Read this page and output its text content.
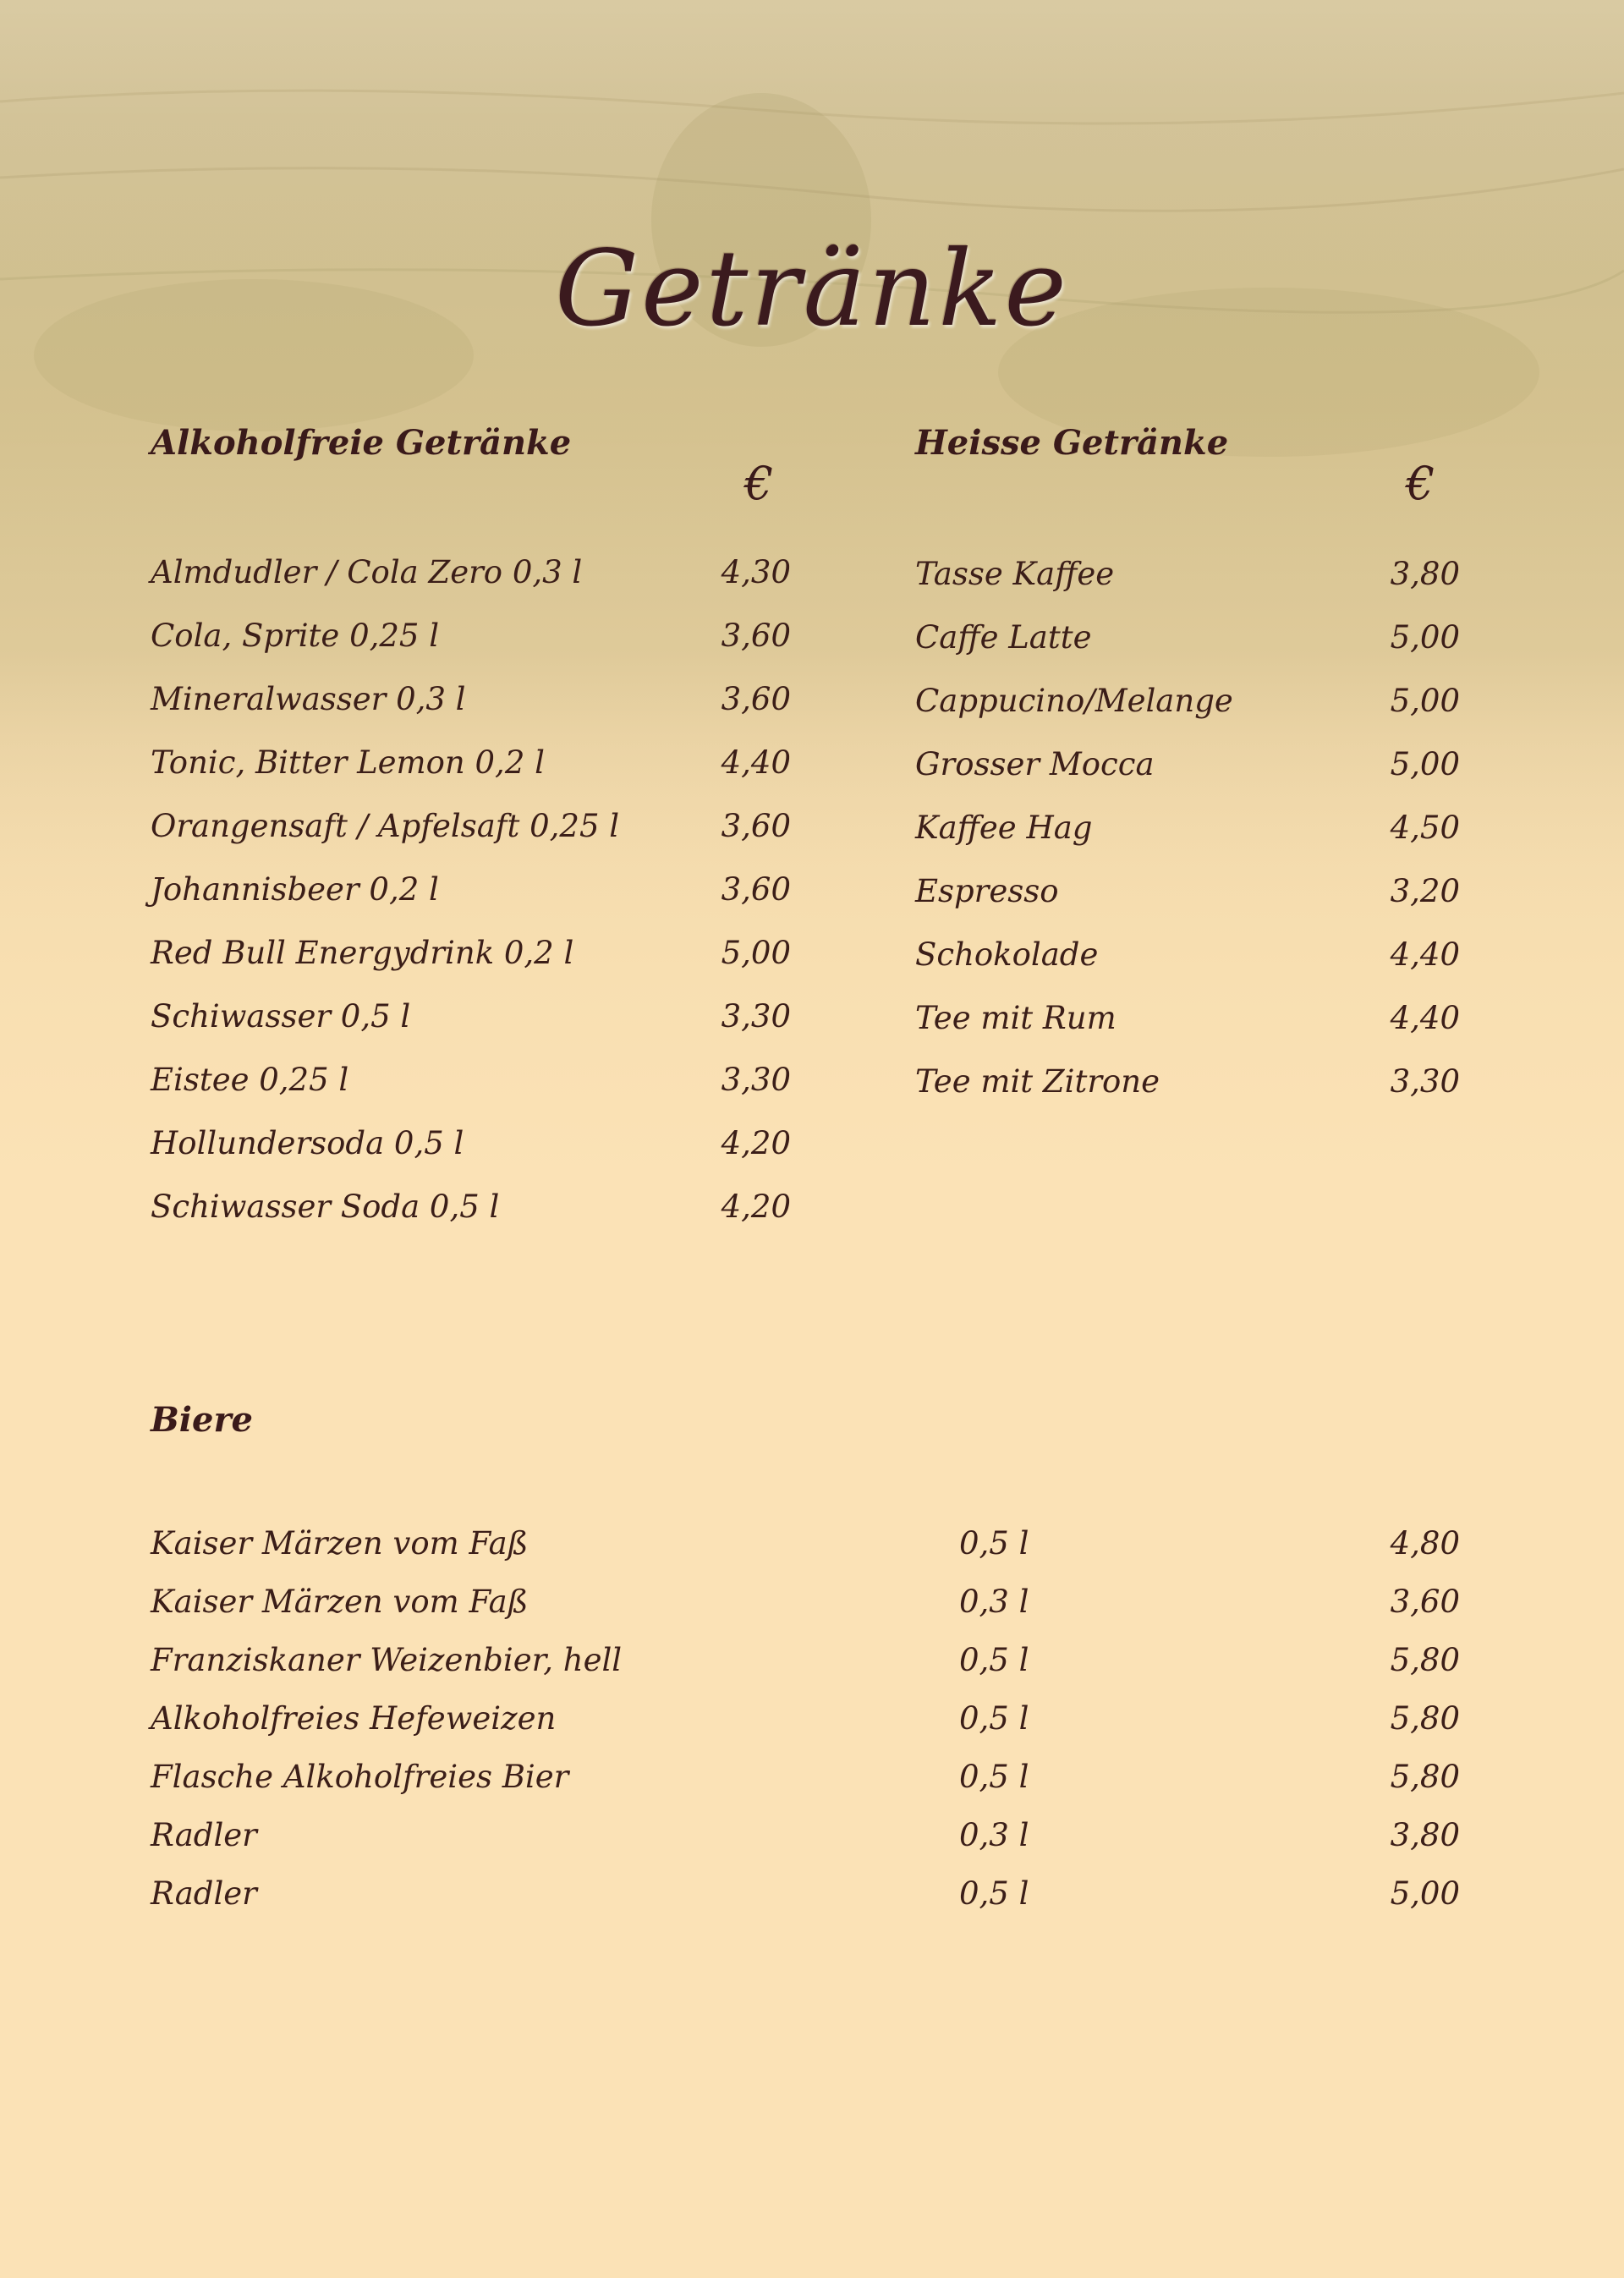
Getränke
Alkoholfreie Getränke
€
Almdudler / Cola Zero 0,3 l	4,30
Cola, Sprite 0,25 l	3,60
Mineralwasser 0,3 l	3,60
Tonic, Bitter Lemon 0,2 l	4,40
Orangensaft / Apfelsaft 0,25 l	3,60
Johannisbeer 0,2 l	3,60
Red Bull Energydrink 0,2 l	5,00
Schiwasser 0,5 l	3,30
Eistee 0,25 l	3,30
Hollundersoda 0,5 l	4,20
Schiwasser Soda 0,5 l	4,20
Heisse Getränke
€
Tasse Kaffee	3,80
Caffe Latte	5,00
Cappucino/Melange	5,00
Grosser Mocca	5,00
Kaffee Hag	4,50
Espresso	3,20
Schokolade	4,40
Tee mit Rum	4,40
Tee mit Zitrone	3,30
Biere
Kaiser Märzen vom Faß	0,5 l	4,80
Kaiser Märzen vom Faß	0,3 l	3,60
Franziskaner Weizenbier, hell	0,5 l	5,80
Alkoholfreies Hefeweizen	0,5 l	5,80
Flasche Alkoholfreies Bier	0,5 l	5,80
Radler	0,3 l	3,80
Radler	0,5 l	5,00
